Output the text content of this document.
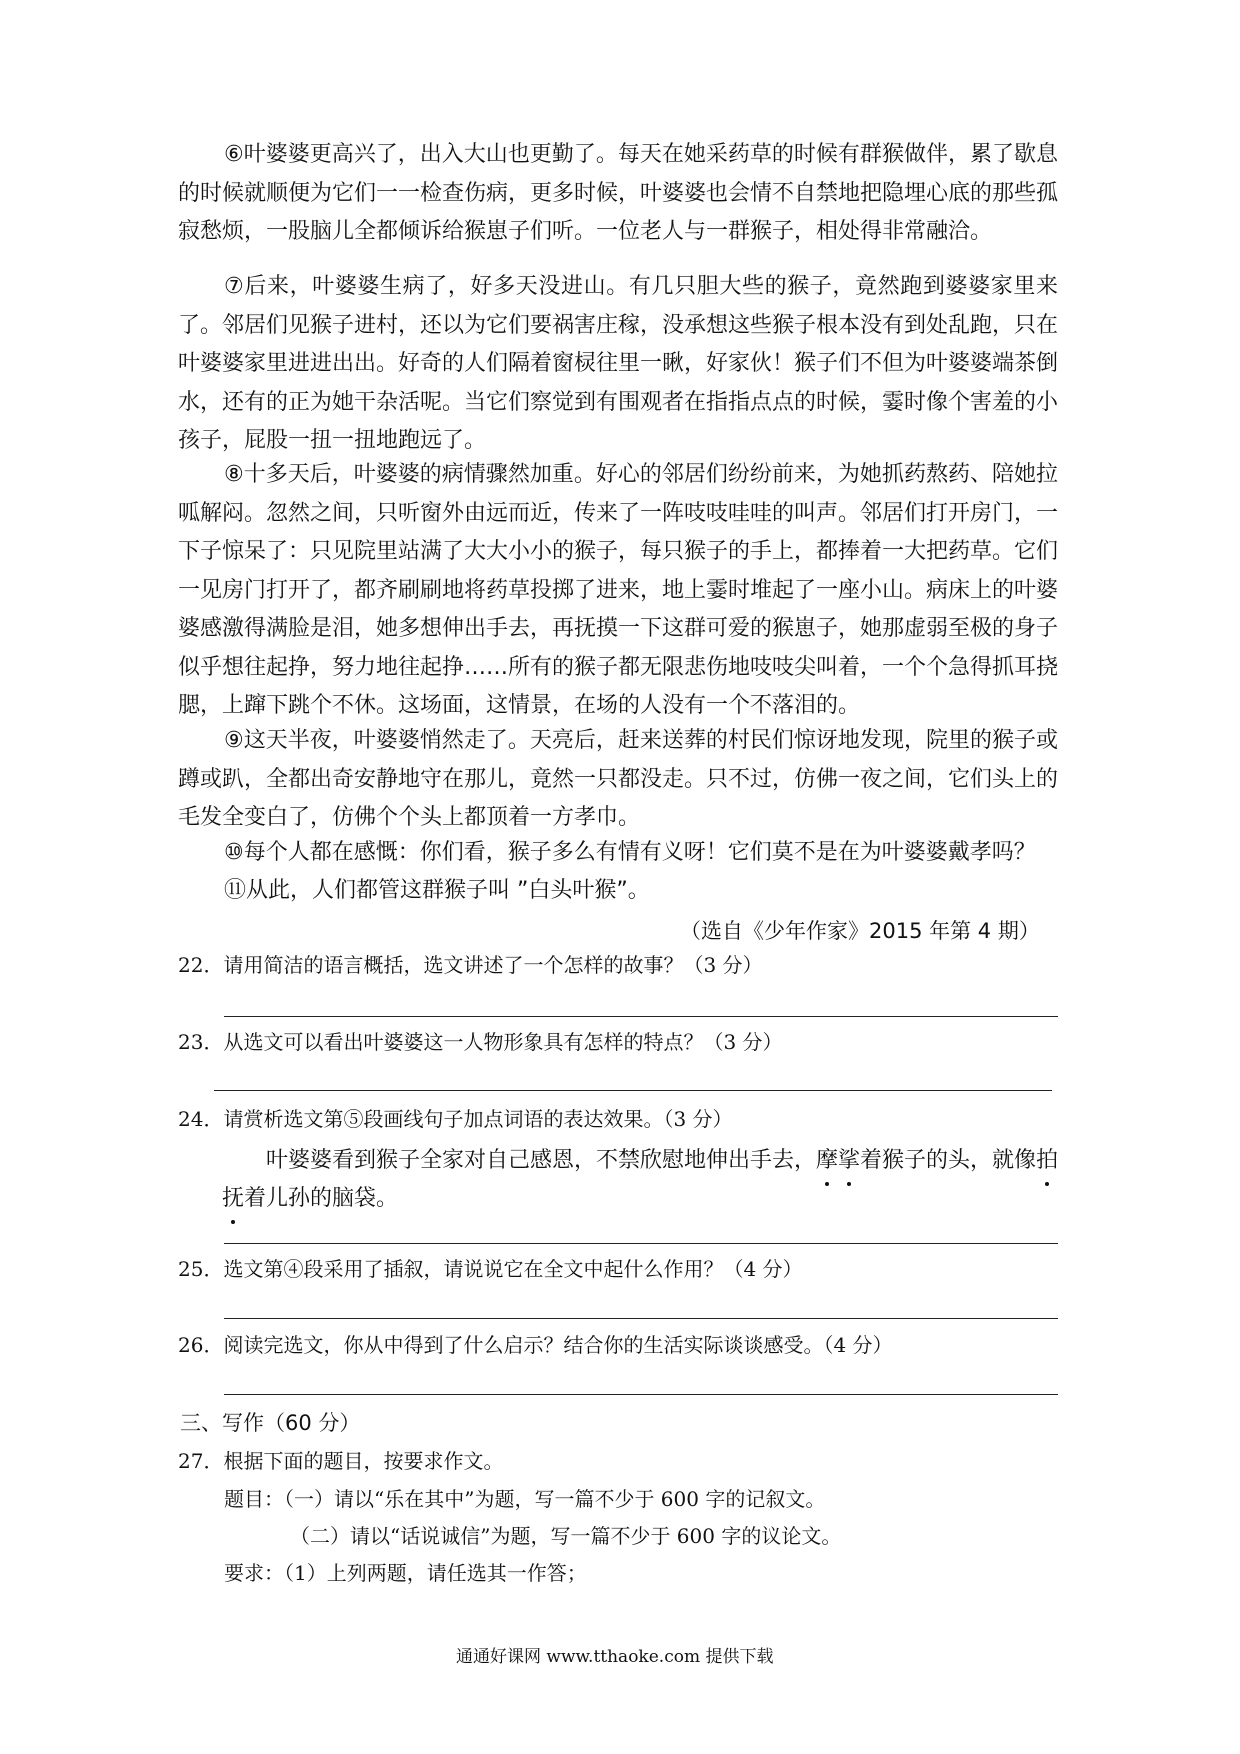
⑥叶婆婆更高兴了，出入大山也更勤了。每天在她采药草的时候有群猴做伴，累了歇息的时候就顺便为它们一一检查伤病，更多时候，叶婆婆也会情不自禁地把隐埋心底的那些孤寂愁烦，一股脑儿全都倾诉给猴崽子们听。一位老人与一群猴子，相处得非常融洽。
⑦后来，叶婆婆生病了，好多天没进山。有几只胆大些的猴子，竟然跑到婆婆家里来了。邻居们见猴子进村，还以为它们要祸害庄稼，没承想这些猴子根本没有到处乱跑，只在叶婆婆家里进进出出。好奇的人们隔着窗棂往里一瞅，好家伙！猴子们不但为叶婆婆端茶倒水，还有的正为她干杂活呢。当它们察觉到有围观者在指指点点的时候，霎时像个害羞的小孩子，屁股一扭一扭地跑远了。
⑧十多天后，叶婆婆的病情骤然加重。好心的邻居们纷纷前来，为她抓药熬药、陪她拉呱解闷。忽然之间，只听窗外由远而近，传来了一阵吱吱哇哇的叫声。邻居们打开房门，一下子惊呆了：只见院里站满了大大小小的猴子，每只猴子的手上，都捧着一大把药草。它们一见房门打开了，都齐刷刷地将药草投掷了进来，地上霎时堆起了一座小山。病床上的叶婆婆感激得满脸是泪，她多想伸出手去，再抚摸一下这群可爱的猴崽子，她那虚弱至极的身子似乎想往起挣，努力地往起挣……所有的猴子都无限悲伤地吱吱尖叫着，一个个急得抓耳挠腮，上蹿下跳个不休。这场面，这情景，在场的人没有一个不落泪的。
⑨这天半夜，叶婆婆悄然走了。天亮后，赶来送葬的村民们惊讶地发现，院里的猴子或蹲或趴，全都出奇安静地守在那儿，竟然一只都没走。只不过，仿佛一夜之间，它们头上的毛发全变白了，仿佛个个头上都顶着一方孝巾。
⑩每个人都在感慨：你们看，猴子多么有情有义呀！它们莫不是在为叶婆婆戴孝吗？
⑪从此，人们都管这群猴子叫 ”白头叶猴”。
（选自《少年作家》2015 年第 4 期）
22．请用简洁的语言概括，选文讲述了一个怎样的故事？（3 分）
23．从选文可以看出叶婆婆这一人物形象具有怎样的特点？（3 分）
24．请赏析选文第⑤段画线句子加点词语的表达效果。（3 分）
叶婆婆看到猴子全家对自己感恩，不禁欣慰地伸出手去，摩挲着猴子的头，就像拍
抚着儿孙的脑袋。
25．选文第④段采用了插叙，请说说它在全文中起什么作用？（4 分）
26．阅读完选文，你从中得到了什么启示？结合你的生活实际谈谈感受。（4 分）
三、写作（60 分）
27．根据下面的题目，按要求作文。
题目：（一）请以“乐在其中”为题，写一篇不少于 600 字的记叙文。
（二）请以“话说诚信”为题，写一篇不少于 600 字的议论文。
要求：（1）上列两题，请任选其一作答；
通通好课网 www.tthaoke.com 提供下载
